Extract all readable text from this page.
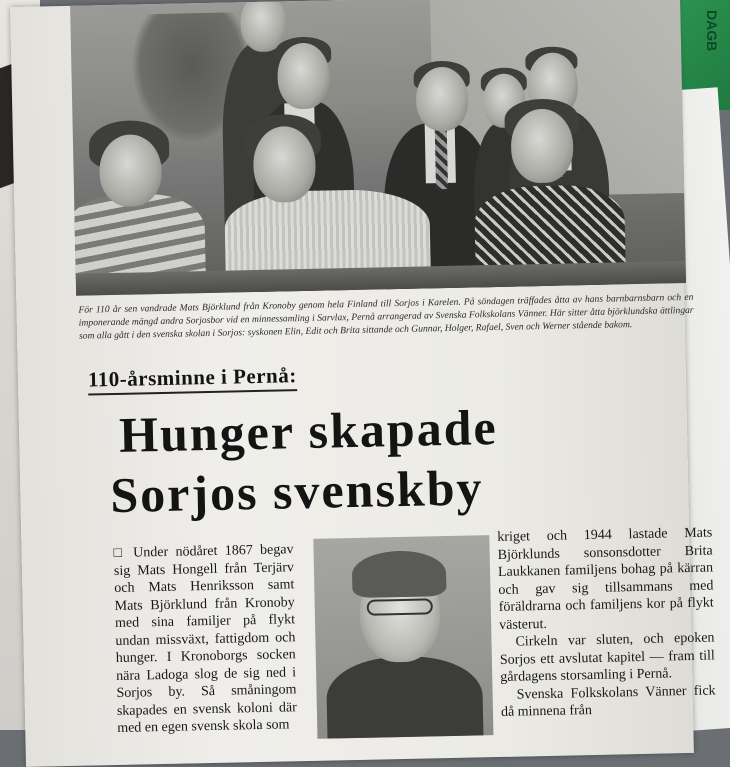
DAGB
För 110 år sen vandrade Mats Björklund från Kronoby genom hela Finland till Sorjos i Karelen. På söndagen träffades åtta av hans barnbarnsbarn och en imponerande mängd andra Sorjosbor vid en minnessamling i Sarvlax, Pernå arrangerad av Svenska Folkskolans Vänner. Här sitter åtta björklundska ättlingar som alla gått i den svenska skolan i Sorjos: syskonen Elin, Edit och Brita sittande och Gunnar, Holger, Rafael, Sven och Werner stående bakom.
110-årsminne i Pernå:
Hunger skapade
Sorjos svenskby
□ Under nödåret 1867 begav sig Mats Hongell från Terjärv och Mats Henriksson samt Mats Björklund från Kronoby med sina familjer på flykt undan missväxt, fattigdom och hunger. I Kronoborgs socken nära Ladoga slog de sig ned i Sorjos by. Så småningom skapades en svensk koloni där med en egen svensk skola som
kriget och 1944 lastade Mats Björklunds sonsonsdotter Brita Laukkanen familjens bohag på kärran och gav sig tillsammans med föräldrarna och familjens kor på flykt västerut.
Cirkeln var sluten, och epoken Sorjos ett avslutat kapitel — fram till gårdagens storsamling i Pernå.
Svenska Folkskolans Vänner fick då minnena från
